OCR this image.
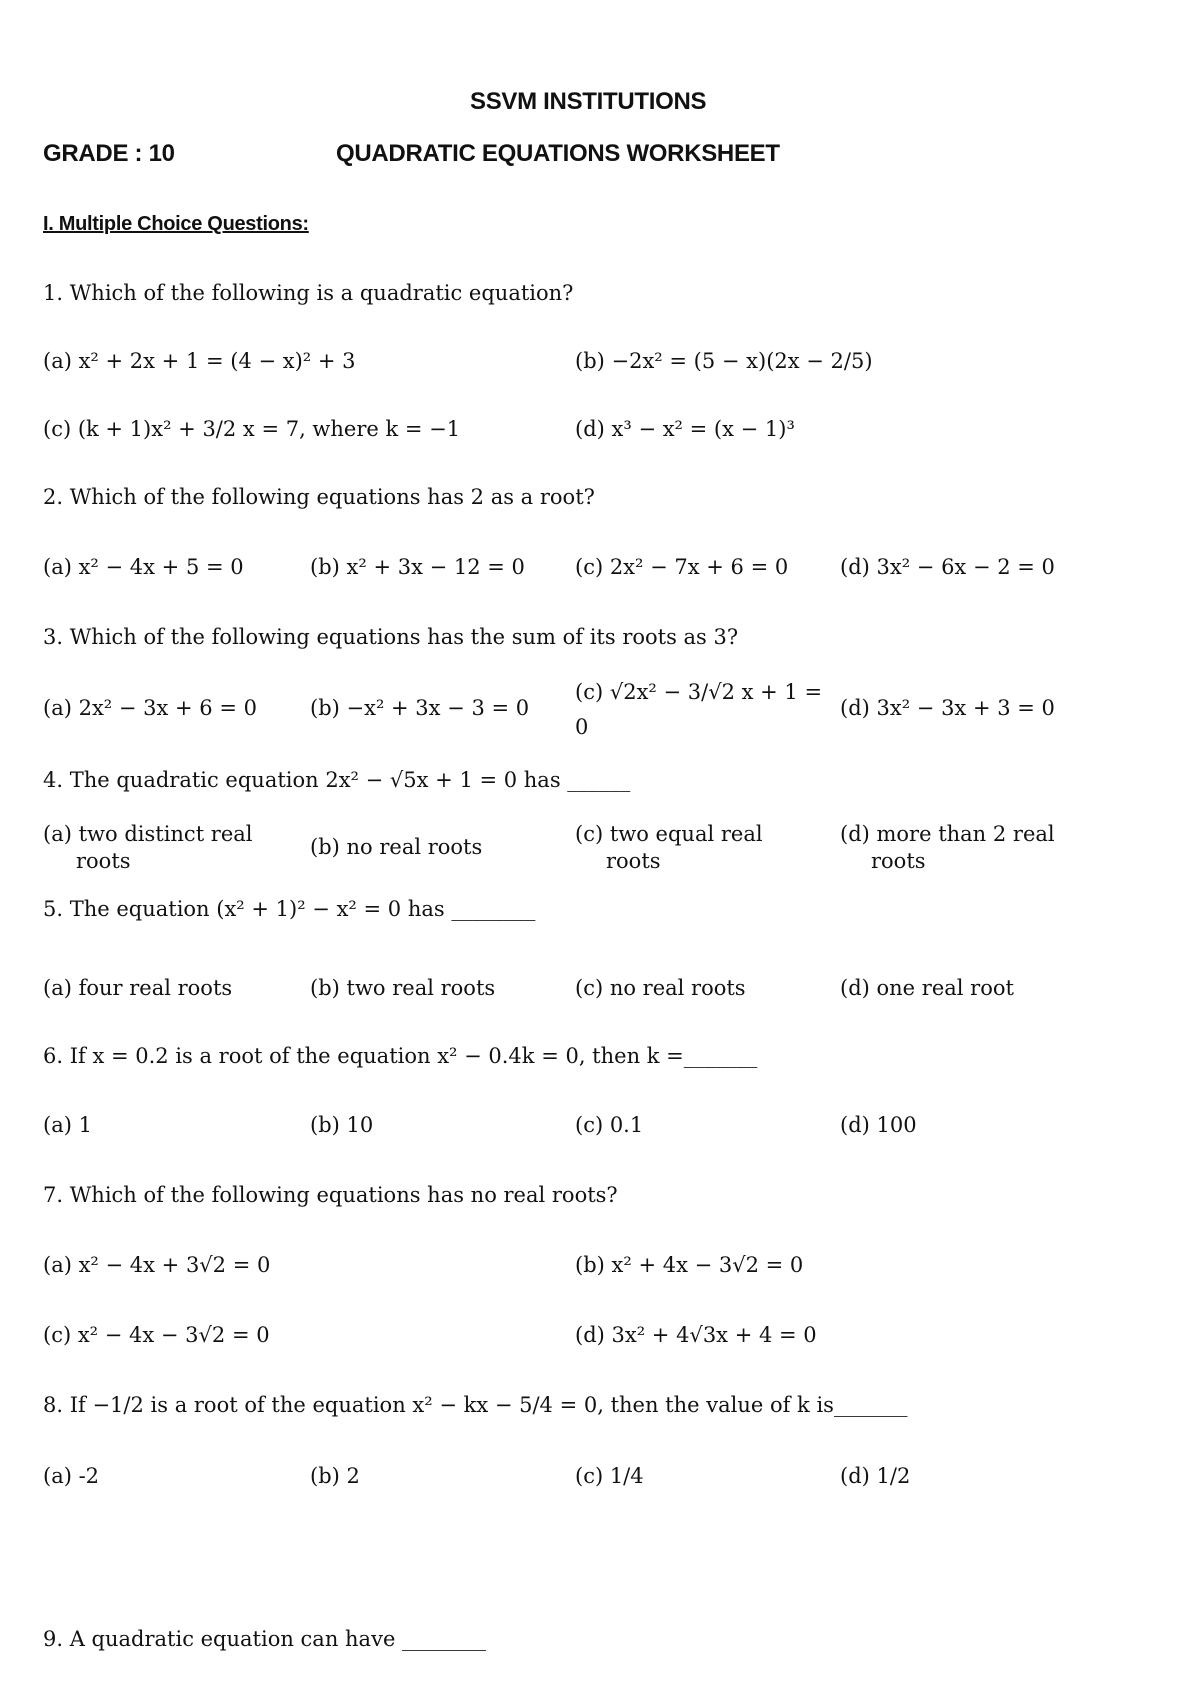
SSVM INSTITUTIONS
GRADE : 10	QUADRATIC EQUATIONS WORKSHEET
I. Multiple Choice Questions:
1. Which of the following is a quadratic equation?
(a) x² + 2x + 1 = (4 − x)² + 3	(b) −2x² = (5 − x)(2x − 2/5)
(c) (k + 1)x² + 3/2 x = 7, where k = −1	(d) x³ − x² = (x − 1)³
2. Which of the following equations has 2 as a root?
(a) x² − 4x + 5 = 0	(b) x² + 3x − 12 = 0 (c) 2x² − 7x + 6 = 0 (d) 3x² − 6x − 2 = 0
3. Which of the following equations has the sum of its roots as 3?
(a) 2x² − 3x + 6 = 0	(b) −x² + 3x − 3 = 0
(c) √2x² − 3/√2 x + 1 =
0
(d) 3x² − 3x + 3 = 0
4. The quadratic equation 2x² − √5x + 1 = 0 has ______
(a) two distinct real
roots
(b) no real roots
(c) two equal real
roots
(d) more than 2 real
roots
5. The equation (x² + 1)² − x² = 0 has ________
(a) four real roots	(b) two real roots	(c) no real roots	(d) one real root
6. If x = 0.2 is a root of the equation x² − 0.4k = 0, then k =_______
(a) 1	(b) 10	(c) 0.1	(d) 100
7. Which of the following equations has no real roots?
(a) x² − 4x + 3√2 = 0	(b) x² + 4x − 3√2 = 0
(c) x² − 4x − 3√2 = 0	(d) 3x² + 4√3x + 4 = 0
8. If −1/2 is a root of the equation x² − kx − 5/4 = 0, then the value of k is_______
(a) -2	(b) 2	(c) 1/4	(d) 1/2
9. A quadratic equation can have ________
